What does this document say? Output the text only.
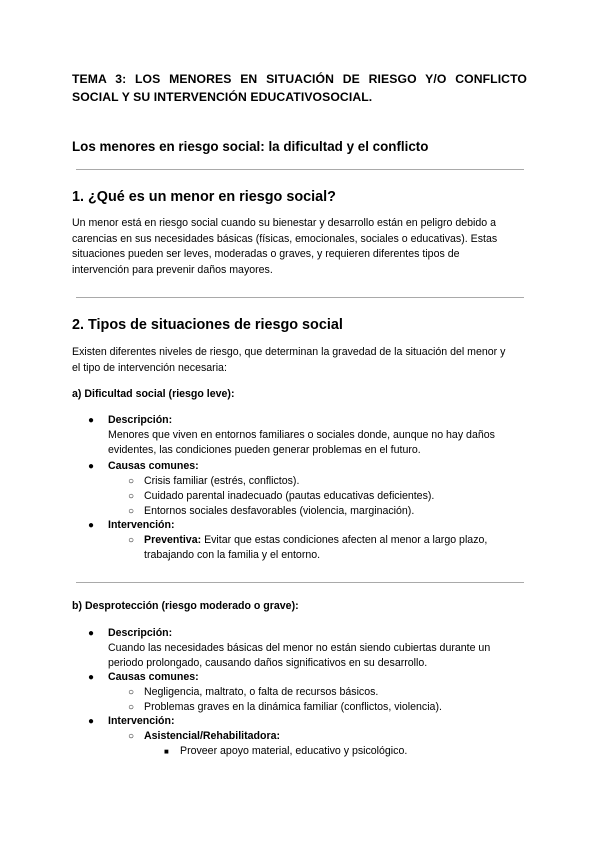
TEMA 3: LOS MENORES EN SITUACIÓN DE RIESGO Y/O CONFLICTO SOCIAL Y SU INTERVENCIÓN EDUCATIVOSOCIAL.
Los menores en riesgo social: la dificultad y el conflicto
1. ¿Qué es un menor en riesgo social?
Un menor está en riesgo social cuando su bienestar y desarrollo están en peligro debido a
carencias en sus necesidades básicas (físicas, emocionales, sociales o educativas). Estas
situaciones pueden ser leves, moderadas o graves, y requieren diferentes tipos de
intervención para prevenir daños mayores.
2. Tipos de situaciones de riesgo social
Existen diferentes niveles de riesgo, que determinan la gravedad de la situación del menor y
el tipo de intervención necesaria:
a) Dificultad social (riesgo leve):
● Descripción:
Menores que viven en entornos familiares o sociales donde, aunque no hay daños
evidentes, las condiciones pueden generar problemas en el futuro.
● Causas comunes:
○ Crisis familiar (estrés, conflictos).
○ Cuidado parental inadecuado (pautas educativas deficientes).
○ Entornos sociales desfavorables (violencia, marginación).
● Intervención:
○ Preventiva: Evitar que estas condiciones afecten al menor a largo plazo,
trabajando con la familia y el entorno.
b) Desprotección (riesgo moderado o grave):
● Descripción:
Cuando las necesidades básicas del menor no están siendo cubiertas durante un
periodo prolongado, causando daños significativos en su desarrollo.
● Causas comunes:
○ Negligencia, maltrato, o falta de recursos básicos.
○ Problemas graves en la dinámica familiar (conflictos, violencia).
● Intervención:
○ Asistencial/Rehabilitadora:
■ Proveer apoyo material, educativo y psicológico.
